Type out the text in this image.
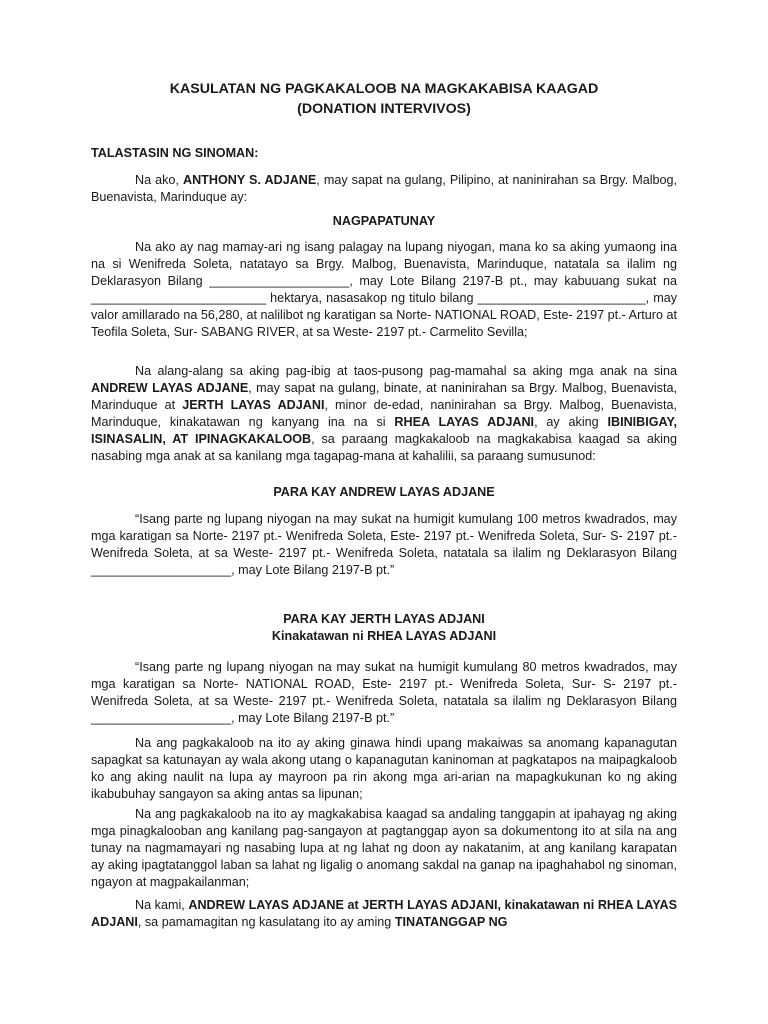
KASULATAN NG PAGKAKALOOB NA MAGKAKABISA KAAGAD
(DONATION INTERVIVOS)

TALASTASIN NG SINOMAN:

Na ako, ANTHONY S. ADJANE, may sapat na gulang, Pilipino, at naninirahan sa Brgy. Malbog, Buenavista, Marinduque ay:

NAGPAPATUNAY

Na ako ay nag mamay-ari ng isang palagay na lupang niyogan, mana ko sa aking yumaong ina na si Wenifreda Soleta, natatayo sa Brgy. Malbog, Buenavista, Marinduque, natatala sa ilalim ng Deklarasyon Bilang ____________________, may Lote Bilang 2197-B pt., may kabuuang sukat na _________________________ hektarya, nasasakop ng titulo bilang ________________________, may valor amillarado na 56,280, at nalilibot ng karatigan sa Norte- NATIONAL ROAD, Este- 2197 pt.- Arturo at Teofila Soleta, Sur- SABANG RIVER, at sa Weste- 2197 pt.- Carmelito Sevilla;

Na alang-alang sa aking pag-ibig at taos-pusong pag-mamahal sa aking mga anak na sina ANDREW LAYAS ADJANE, may sapat na gulang, binate, at naninirahan sa Brgy. Malbog, Buenavista, Marinduque at JERTH LAYAS ADJANI, minor de-edad, naninirahan sa Brgy. Malbog, Buenavista, Marinduque, kinakatawan ng kanyang ina na si RHEA LAYAS ADJANI, ay aking IBINIBIGAY, ISINASALIN, AT IPINAGKAKALOOB, sa paraang magkakaloob na magkakabisa kaagad sa aking nasabing mga anak at sa kanilang mga tagapag-mana at kahalilii, sa paraang sumusunod:

PARA KAY ANDREW LAYAS ADJANE

“Isang parte ng lupang niyogan na may sukat na humigit kumulang 100 metros kwadrados, may mga karatigan sa Norte- 2197 pt.- Wenifreda Soleta, Este- 2197 pt.- Wenifreda Soleta, Sur- S- 2197 pt.- Wenifreda Soleta, at sa Weste- 2197 pt.- Wenifreda Soleta, natatala sa ilalim ng Deklarasyon Bilang ____________________, may Lote Bilang 2197-B pt.”

PARA KAY JERTH LAYAS ADJANI
Kinakatawan ni RHEA LAYAS ADJANI

“Isang parte ng lupang niyogan na may sukat na humigit kumulang 80 metros kwadrados, may mga karatigan sa Norte- NATIONAL ROAD, Este- 2197 pt.- Wenifreda Soleta, Sur- S- 2197 pt.- Wenifreda Soleta, at sa Weste- 2197 pt.- Wenifreda Soleta, natatala sa ilalim ng Deklarasyon Bilang ____________________, may Lote Bilang 2197-B pt.”

Na ang pagkakaloob na ito ay aking ginawa hindi upang makaiwas sa anomang kapanagutan sapagkat sa katunayan ay wala akong utang o kapanagutan kaninoman at pagkatapos na maipagkaloob ko ang aking naulit na lupa ay mayroon pa rin akong mga ari-arian na mapagkukunan ko ng aking ikabubuhay sangayon sa aking antas sa lipunan;

Na ang pagkakaloob na ito ay magkakabisa kaagad sa andaling tanggapin at ipahayag ng aking mga pinagkalooban ang kanilang pag-sangayon at pagtanggap ayon sa dokumentong ito at sila na ang tunay na nagmamayari ng nasabing lupa at ng lahat ng doon ay nakatanim, at ang kanilang karapatan ay aking ipagtatanggol laban sa lahat ng ligalig o anomang sakdal na ganap na ipaghahabol ng sinoman, ngayon at magpakailanman;

Na kami, ANDREW LAYAS ADJANE at JERTH LAYAS ADJANI, kinakatawan ni RHEA LAYAS ADJANI, sa pamamagitan ng kasulatang ito ay aming TINATANGGAP NG
